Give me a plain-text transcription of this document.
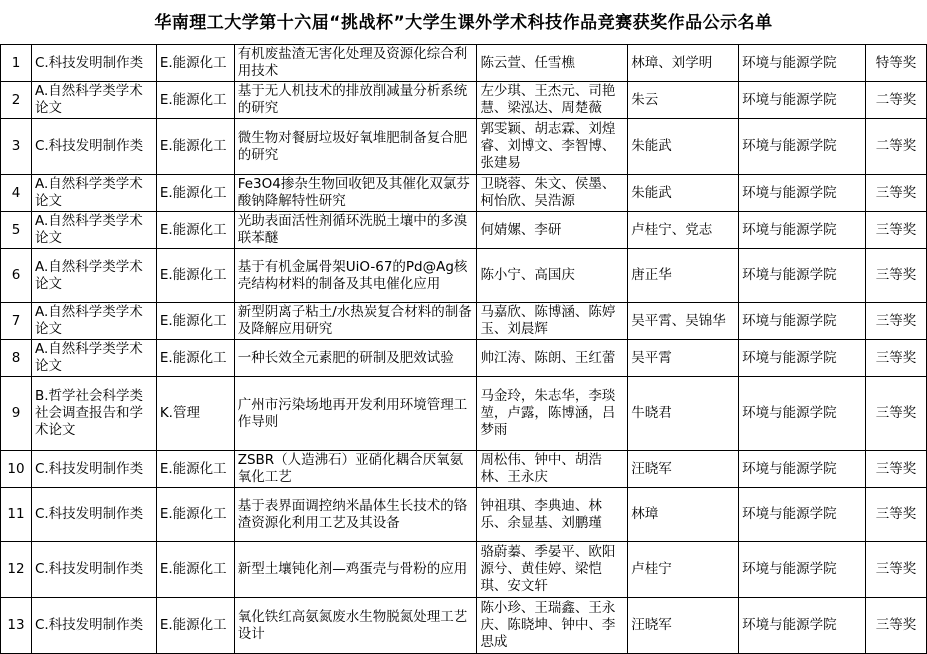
华南理工大学第十六届“挑战杯”大学生课外学术科技作品竞赛获奖作品公示名单
1	C.科技发明制作类	E.能源化工	有机废盐渣无害化处理及资源化综合利用技术	陈云萱、任雪樵	林璋、刘学明	环境与能源学院	特等奖
2	A.自然科学类学术论文	E.能源化工	基于无人机技术的排放削减量分析系统的研究	左少琪、王杰元、司艳慧、梁泓达、周楚薇	朱云	环境与能源学院	二等奖
3	C.科技发明制作类	E.能源化工	微生物对餐厨垃圾好氧堆肥制备复合肥的研究	郭雯颖、胡志霖、刘煌睿、刘博文、李智博、张建易	朱能武	环境与能源学院	二等奖
4	A.自然科学类学术论文	E.能源化工	Fe3O4掺杂生物回收钯及其催化双氯芬酸钠降解特性研究	卫晓蓉、朱文、侯墨、柯怡欣、吴浩源	朱能武	环境与能源学院	三等奖
5	A.自然科学类学术论文	E.能源化工	光助表面活性剂循环洗脱土壤中的多溴联苯醚	何婧嫘、李研	卢桂宁、党志	环境与能源学院	三等奖
6	A.自然科学类学术论文	E.能源化工	基于有机金属骨架UiO-67的Pd@Ag核壳结构材料的制备及其电催化应用	陈小宁、高国庆	唐正华	环境与能源学院	三等奖
7	A.自然科学类学术论文	E.能源化工	新型阴离子粘土/水热炭复合材料的制备及降解应用研究	马嘉欣、陈博涵、陈婷玉、刘晨辉	吴平霄、吴锦华	环境与能源学院	三等奖
8	A.自然科学类学术论文	E.能源化工	一种长效全元素肥的研制及肥效试验	帅江涛、陈朗、王红蕾	吴平霄	环境与能源学院	三等奖
9	B.哲学社会科学类社会调查报告和学术论文	K.管理	广州市污染场地再开发利用环境管理工作导则	马金玲，朱志华，李琰堃，卢露，陈博涵，吕梦雨	牛晓君	环境与能源学院	三等奖
10	C.科技发明制作类	E.能源化工	ZSBR（人造沸石）亚硝化耦合厌氧氨氧化工艺	周松伟、钟中、胡浩林、王永庆	汪晓军	环境与能源学院	三等奖
11	C.科技发明制作类	E.能源化工	基于表界面调控纳米晶体生长技术的铬渣资源化利用工艺及其设备	钟祖琪、李典迪、林乐、余显基、刘鹏瑾	林璋	环境与能源学院	三等奖
12	C.科技发明制作类	E.能源化工	新型土壤钝化剂—鸡蛋壳与骨粉的应用	骆蔚蓁、季晏平、欧阳源兮、黄佳婷、梁恺琪、安文轩	卢桂宁	环境与能源学院	三等奖
13	C.科技发明制作类	E.能源化工	氧化铁红高氨氮废水生物脱氮处理工艺设计	陈小珍、王瑞鑫、王永庆、陈晓坤、钟中、李思成	汪晓军	环境与能源学院	三等奖
